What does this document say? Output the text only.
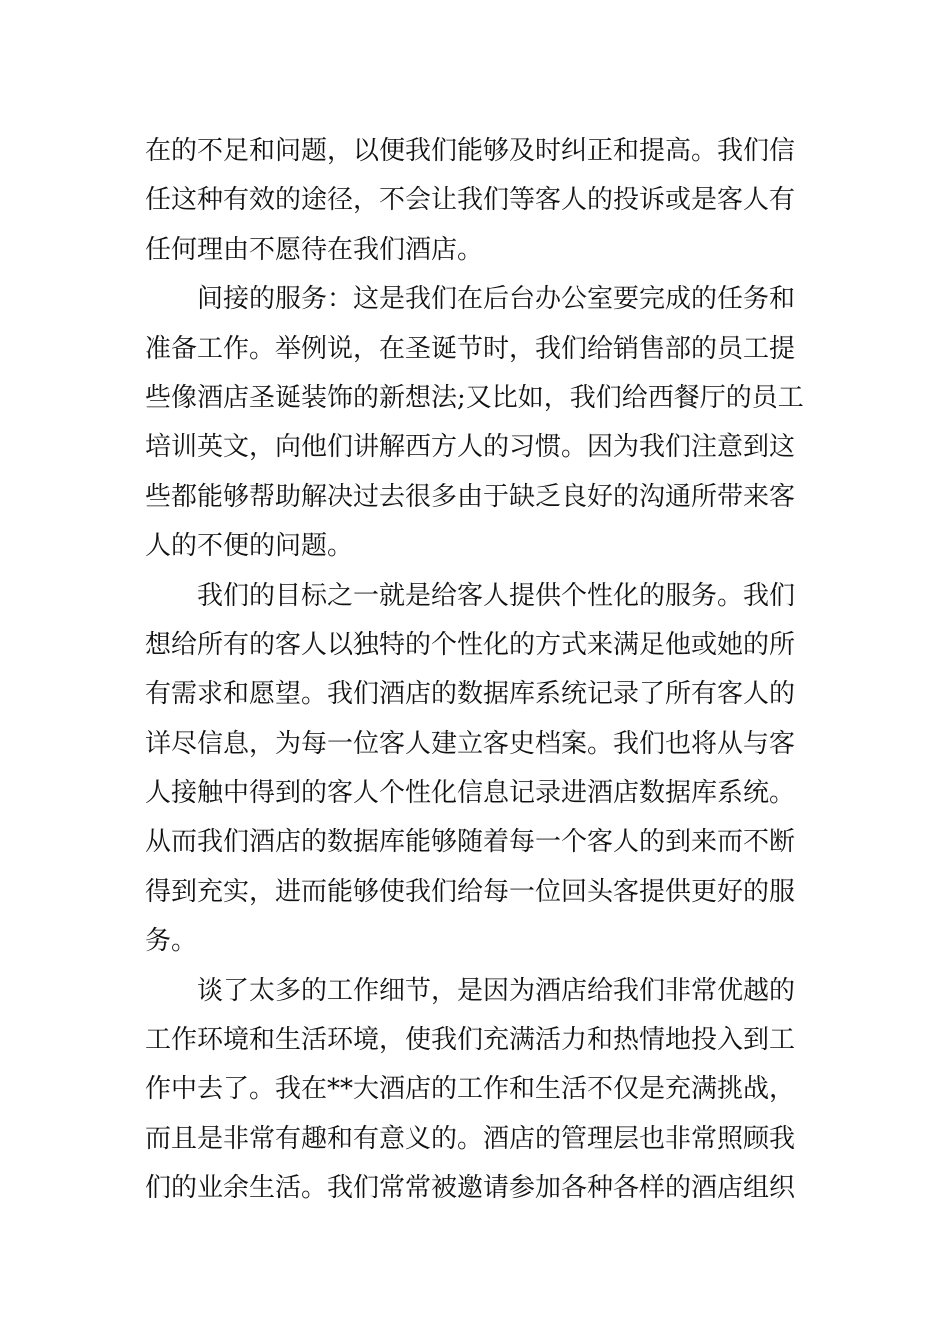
在的不足和问题，以便我们能够及时纠正和提高。我们信
任这种有效的途径，不会让我们等客人的投诉或是客人有
任何理由不愿待在我们酒店。
间接的服务：这是我们在后台办公室要完成的任务和
准备工作。举例说，在圣诞节时，我们给销售部的员工提
些像酒店圣诞装饰的新想法;又比如，我们给西餐厅的员工
培训英文，向他们讲解西方人的习惯。因为我们注意到这
些都能够帮助解决过去很多由于缺乏良好的沟通所带来客
人的不便的问题。
我们的目标之一就是给客人提供个性化的服务。我们
想给所有的客人以独特的个性化的方式来满足他或她的所
有需求和愿望。我们酒店的数据库系统记录了所有客人的
详尽信息，为每一位客人建立客史档案。我们也将从与客
人接触中得到的客人个性化信息记录进酒店数据库系统。
从而我们酒店的数据库能够随着每一个客人的到来而不断
得到充实，进而能够使我们给每一位回头客提供更好的服
务。
谈了太多的工作细节，是因为酒店给我们非常优越的
工作环境和生活环境，使我们充满活力和热情地投入到工
作中去了。我在**大酒店的工作和生活不仅是充满挑战，
而且是非常有趣和有意义的。酒店的管理层也非常照顾我
们的业余生活。我们常常被邀请参加各种各样的酒店组织
